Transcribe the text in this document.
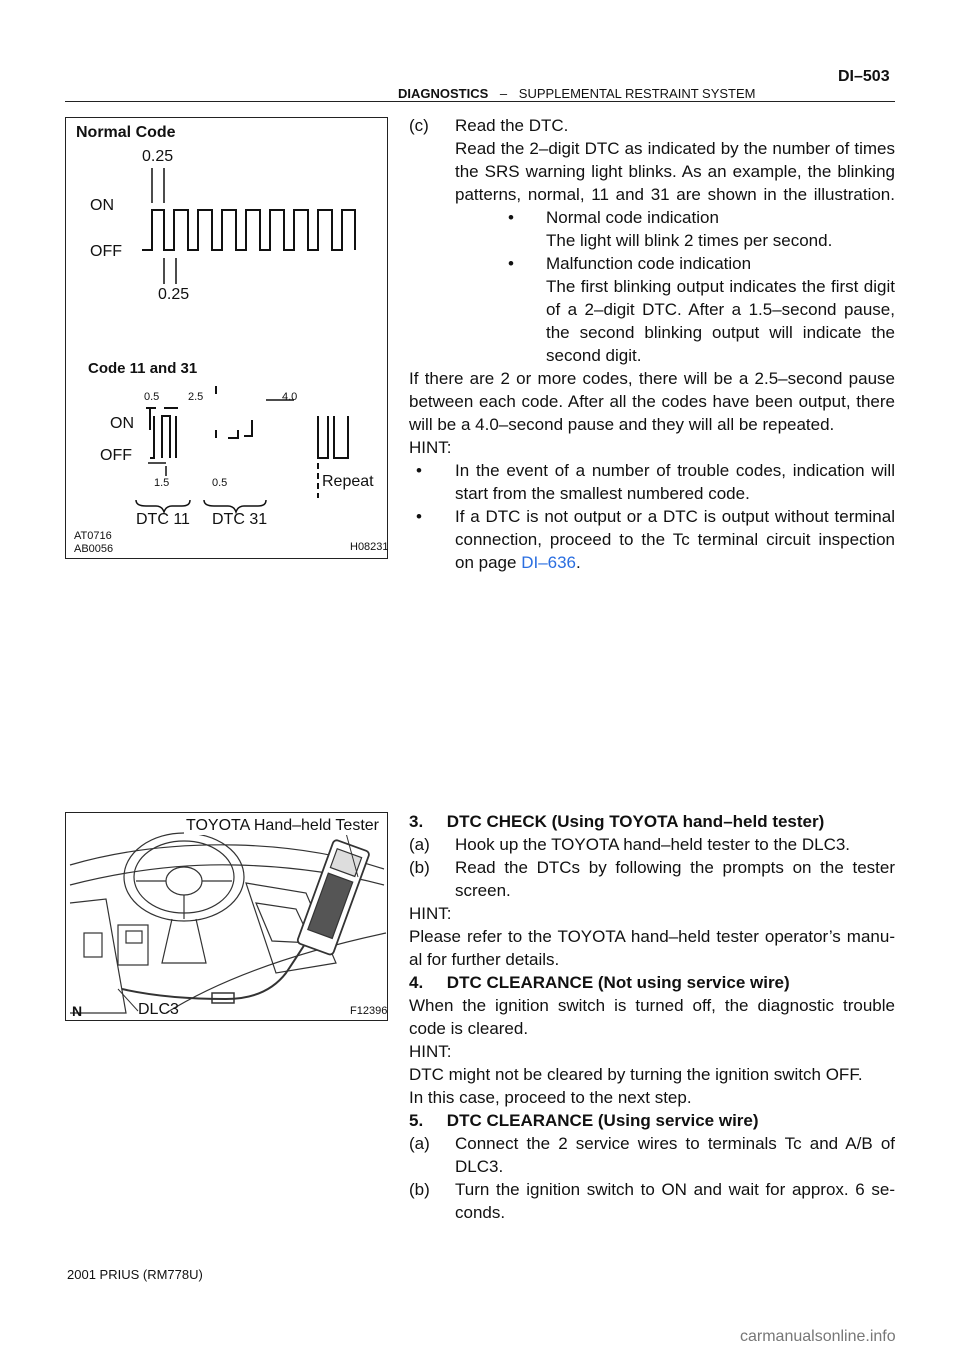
DIAGNOSTICS – SUPPLEMENTAL RESTRAINT SYSTEM
DI–503
Normal Code
0.25
ON
OFF
0.25
Code 11 and 31
0.5	2.5	4.0
ON
OFF
1.5	0.5	Repeat
DTC 11 DTC 31
AT0716
AB0056	H08231
TOYOTA Hand–held Tester
DLC3
N	F12396
(c) Read the DTC.
Read the 2–digit DTC as indicated by the number of times
the SRS warning light blinks. As an example, the blinking
patterns, normal, 11 and 31 are shown in the illustration.
• Normal code indication
The light will blink 2 times per second.
• Malfunction code indication
The first blinking output indicates the first digit
of a 2–digit DTC. After a 1.5–second pause,
the second blinking output will indicate the
second digit.
If there are 2 or more codes, there will be a 2.5–second pause
between each code. After all the codes have been output, there
will be a 4.0–second pause and they will all be repeated.
HINT:
• In the event of a number of trouble codes, indication will
start from the smallest numbered code.
• If a DTC is not output or a DTC is output without terminal
connection, proceed to the Tc terminal circuit inspection
on page DI–636.
3.     DTC CHECK (Using TOYOTA hand–held tester)
(a) Hook up the TOYOTA hand–held tester to the DLC3.
(b) Read the DTCs by following the prompts on the tester
screen.
HINT:
Please refer to the TOYOTA hand–held tester operator’s manu-
al for further details.
4.     DTC CLEARANCE (Not using service wire)
When the ignition switch is turned off, the diagnostic trouble
code is cleared.
HINT:
DTC might not be cleared by turning the ignition switch OFF.
In this case, proceed to the next step.
5.     DTC CLEARANCE (Using service wire)
(a) Connect the 2 service wires to terminals Tc and A/B of
DLC3.
(b) Turn the ignition switch to ON and wait for approx. 6 se-
conds.
2001 PRIUS (RM778U)
carmanualsonline.info
